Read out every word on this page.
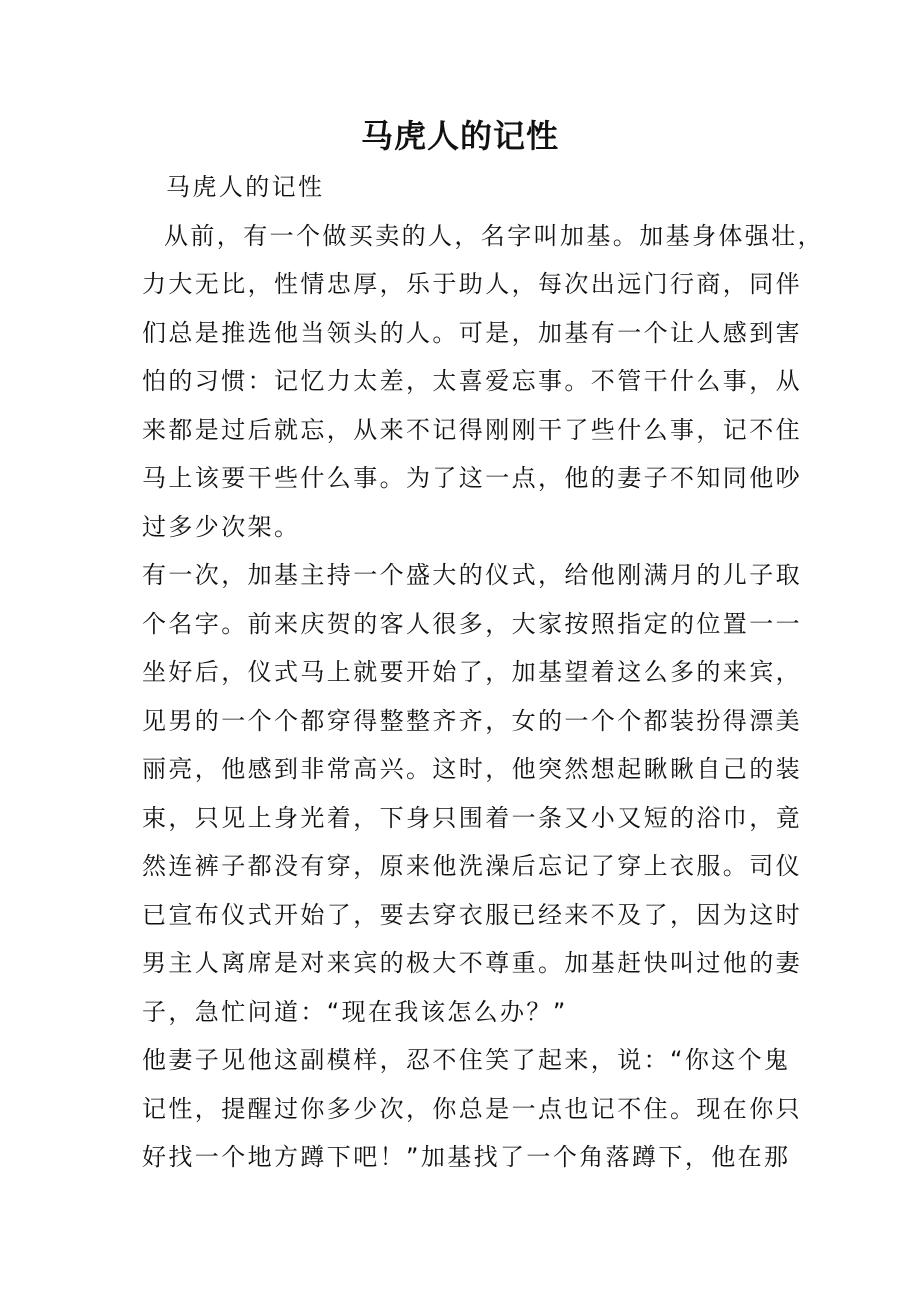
马虎人的记性
马虎人的记性
从前，有一个做买卖的人，名字叫加基。加基身体强壮，
力大无比，性情忠厚，乐于助人，每次出远门行商，同伴
们总是推选他当领头的人。可是，加基有一个让人感到害
怕的习惯：记忆力太差，太喜爱忘事。不管干什么事，从
来都是过后就忘，从来不记得刚刚干了些什么事，记不住
马上该要干些什么事。为了这一点，他的妻子不知同他吵
过多少次架。
有一次，加基主持一个盛大的仪式，给他刚满月的儿子取
个名字。前来庆贺的客人很多，大家按照指定的位置一一
坐好后，仪式马上就要开始了，加基望着这么多的来宾，
见男的一个个都穿得整整齐齐，女的一个个都装扮得漂美
丽亮，他感到非常高兴。这时，他突然想起瞅瞅自己的装
束，只见上身光着，下身只围着一条又小又短的浴巾，竟
然连裤子都没有穿，原来他洗澡后忘记了穿上衣服。司仪
已宣布仪式开始了，要去穿衣服已经来不及了，因为这时
男主人离席是对来宾的极大不尊重。加基赶快叫过他的妻
子，急忙问道：“现在我该怎么办？”
他妻子见他这副模样，忍不住笑了起来，说：“你这个鬼
记性，提醒过你多少次，你总是一点也记不住。现在你只
好找一个地方蹲下吧！”加基找了一个角落蹲下，他在那
